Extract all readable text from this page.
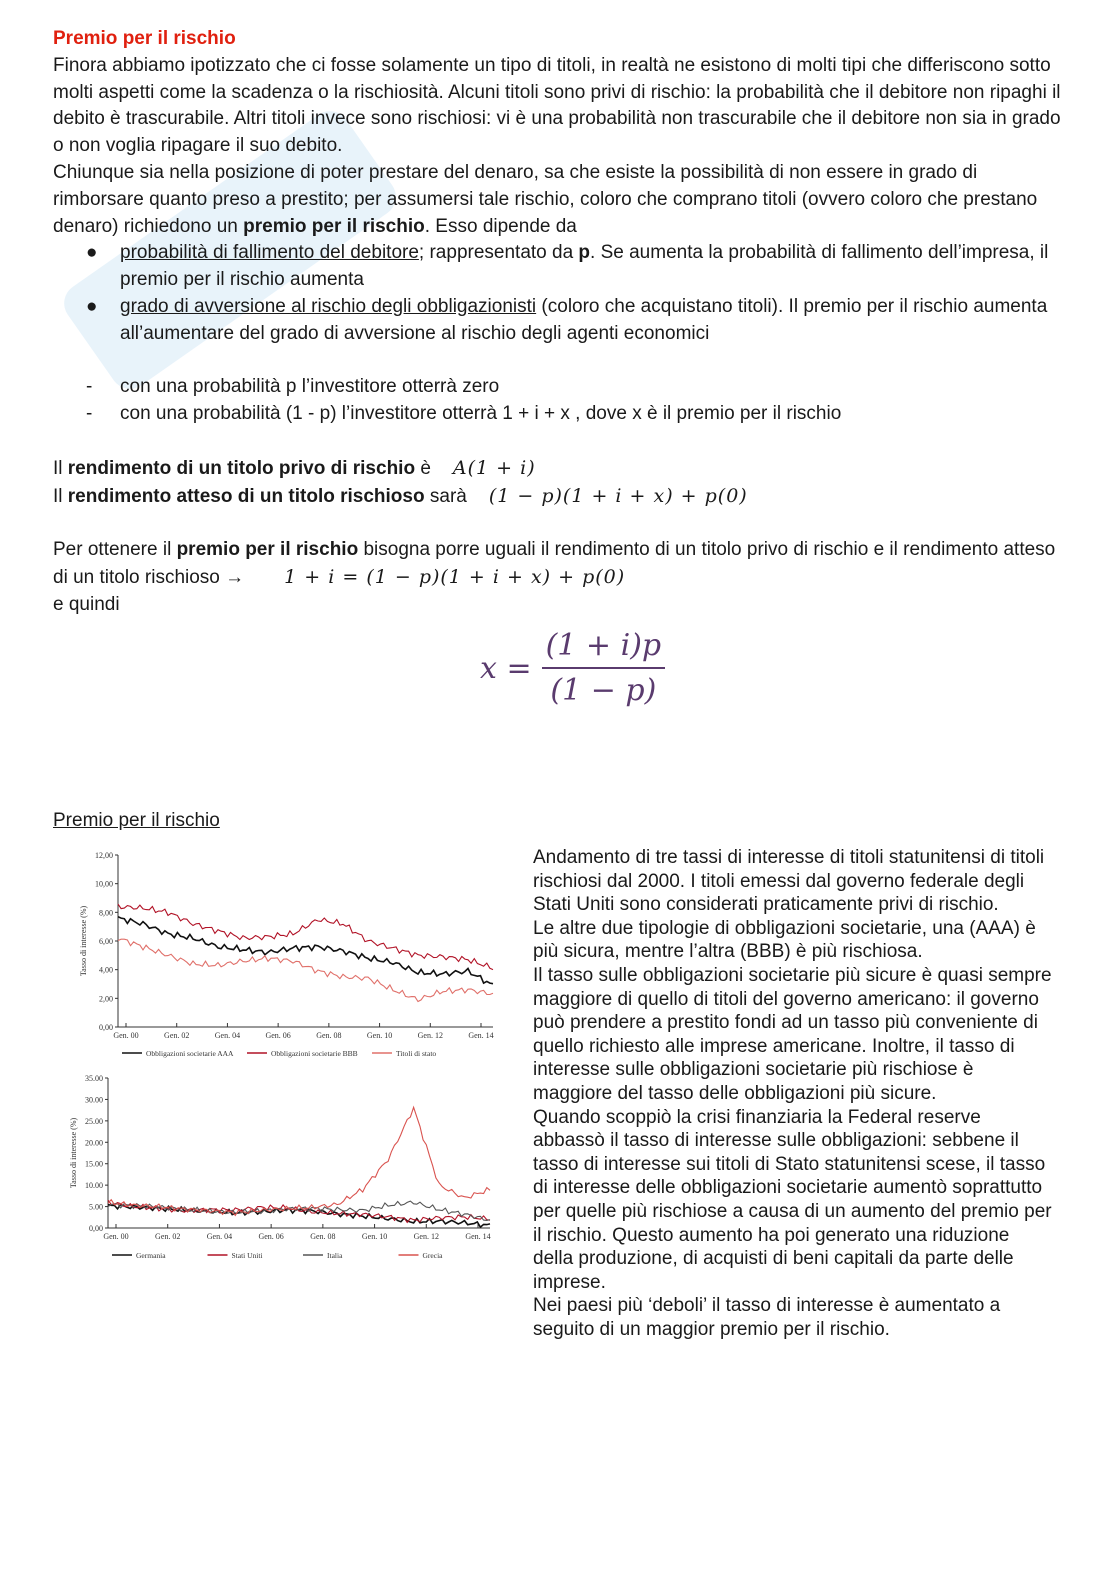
Premio per il rischio
Finora abbiamo ipotizzato che ci fosse solamente un tipo di titoli, in realtà ne esistono di molti tipi che differiscono sotto molti aspetti come la scadenza o la rischiosità. Alcuni titoli sono privi di rischio: la probabilità che il debitore non ripaghi il debito è trascurabile. Altri titoli invece sono rischiosi: vi è una probabilità non trascurabile che il debitore non sia in grado o non voglia ripagare il suo debito.
Chiunque sia nella posizione di poter prestare del denaro, sa che esiste la possibilità di non essere in grado di rimborsare quanto preso a prestito; per assumersi tale rischio, coloro che comprano titoli (ovvero coloro che prestano denaro) richiedono un premio per il rischio. Esso dipende da
● probabilità di fallimento del debitore; rappresentato da p. Se aumenta la probabilità di fallimento dell’impresa, il premio per il rischio aumenta
● grado di avversione al rischio degli obbligazionisti (coloro che acquistano titoli). Il premio per il rischio aumenta all’aumentare del grado di avversione al rischio degli agenti economici
- con una probabilità p l’investitore otterrà zero
- con una probabilità (1 - p) l’investitore otterrà 1 + i + x , dove x è il premio per il rischio
Il rendimento di un titolo privo di rischio è A(1 + i)
Il rendimento atteso di un titolo rischioso sarà (1 − p)(1 + i + x) + p(0)
Per ottenere il premio per il rischio bisogna porre uguali il rendimento di un titolo privo di rischio e il rendimento atteso di un titolo rischioso → 1 + i = (1 − p)(1 + i + x) + p(0)
e quindi
$x = \frac{(1 + i)p}{(1 - p)}$
Premio per il rischio
12,00
10,00
8,00
6,00
4,00
2,00
0,00
Tasso di interesse (%)
Gen. 00	Gen. 02	Gen. 04	Gen. 06	Gen. 08	Gen. 10	Gen. 12	Gen. 14
Obbligazioni societarie AAA	Obbligazioni societarie BBB	Titoli di stato
35.00
30.00
25.00
20.00
15.00
10.00
5.00
0,00
Tasso di interesse (%)
Gen. 00	Gen. 02	Gen. 04	Gen. 06	Gen. 08	Gen. 10	Gen. 12	Gen. 14
Germania	Stati Uniti	Italia	Grecia

Andamento di tre tassi di interesse di titoli statunitensi di titoli rischiosi dal 2000. I titoli emessi dal governo federale degli Stati Uniti sono considerati praticamente privi di rischio.

Le altre due tipologie di obbligazioni societarie, una (AAA) è più sicura, mentre l’altra (BBB) è più rischiosa.

Il tasso sulle obbligazioni societarie più sicure è quasi sempre maggiore di quello di titoli del governo americano: il governo può prendere a prestito fondi ad un tasso più conveniente di quello richiesto alle imprese americane. Inoltre, il tasso di interesse sulle obbligazioni societarie più rischiose è maggiore del tasso delle obbligazioni più sicure.

Quando scoppiò la crisi finanziaria la Federal reserve abbassò il tasso di interesse sulle obbligazioni: sebbene il tasso di interesse sui titoli di Stato statunitensi scese, il tasso di interesse delle obbligazioni societarie aumentò soprattutto per quelle più rischiose a causa di un aumento del premio per il rischio. Questo aumento ha poi generato una riduzione della produzione, di acquisti di beni capitali da parte delle imprese.

Nei paesi più ‘deboli’ il tasso di interesse è aumentato a seguito di un maggior premio per il rischio.
